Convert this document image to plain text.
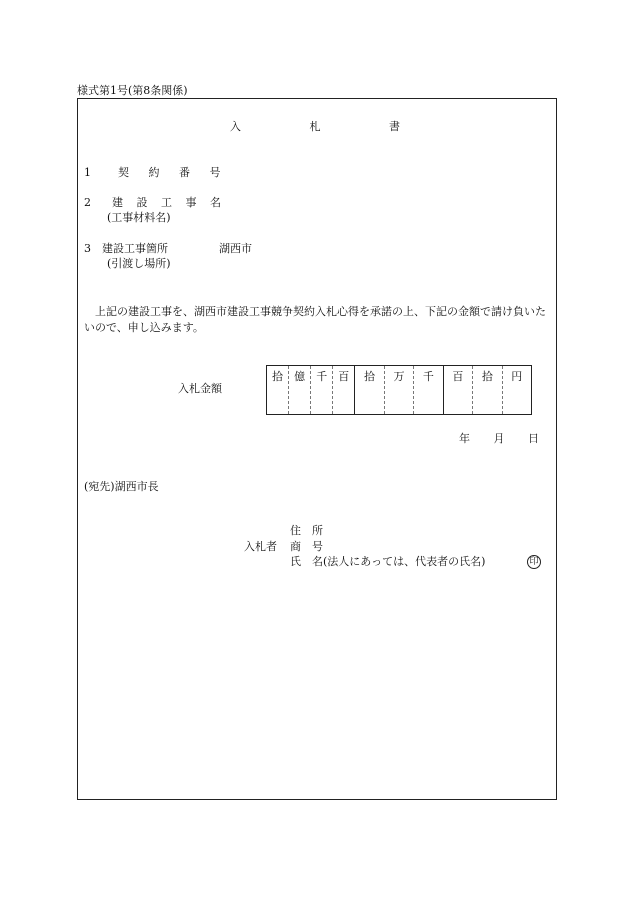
様式第1号(第8条関係)
入	札	書
1　契 約 番 号
2　建 設 工 事 名
(工事材料名)
3　建設工事箇所	湖西市
(引渡し場所)
上記の建設工事を、湖西市建設工事競争契約入札心得を承諾の上、下記の金額で請け負いたいので、申し込みます。
入札金額
拾	億	千	百	拾	万	千	百	拾	円
年 月 日
(宛先)湖西市長
入札者
住　所
商　号
氏　名(法人にあっては、代表者の氏名)	印
